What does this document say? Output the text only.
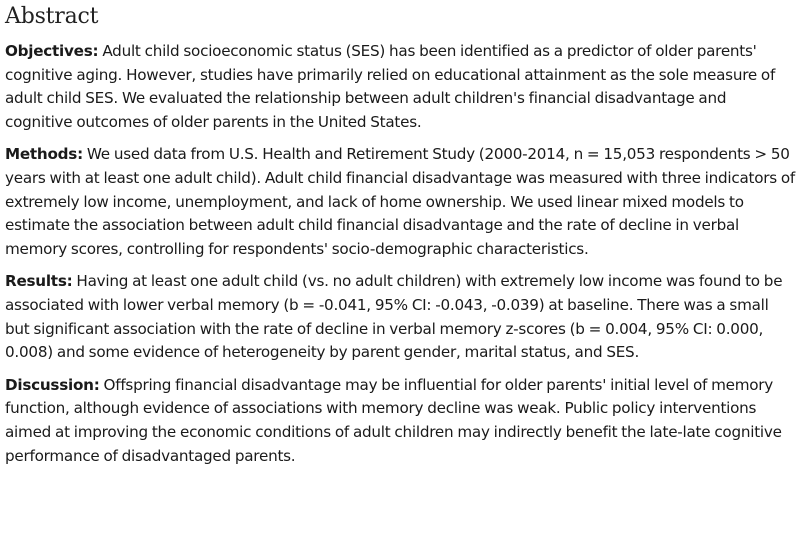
Abstract

Objectives: Adult child socioeconomic status (SES) has been identified as a predictor of older parents' cognitive aging. However, studies have primarily relied on educational attainment as the sole measure of adult child SES. We evaluated the relationship between adult children's financial disadvantage and cognitive outcomes of older parents in the United States.

Methods: We used data from U.S. Health and Retirement Study (2000-2014, n = 15,053 respondents > 50 years with at least one adult child). Adult child financial disadvantage was measured with three indicators of extremely low income, unemployment, and lack of home ownership. We used linear mixed models to estimate the association between adult child financial disadvantage and the rate of decline in verbal memory scores, controlling for respondents' socio-demographic characteristics.

Results: Having at least one adult child (vs. no adult children) with extremely low income was found to be associated with lower verbal memory (b = -0.041, 95% CI: -0.043, -0.039) at baseline. There was a small but significant association with the rate of decline in verbal memory z-scores (b = 0.004, 95% CI: 0.000, 0.008) and some evidence of heterogeneity by parent gender, marital status, and SES.

Discussion: Offspring financial disadvantage may be influential for older parents' initial level of memory function, although evidence of associations with memory decline was weak. Public policy interventions aimed at improving the economic conditions of adult children may indirectly benefit the late-late cognitive performance of disadvantaged parents.
